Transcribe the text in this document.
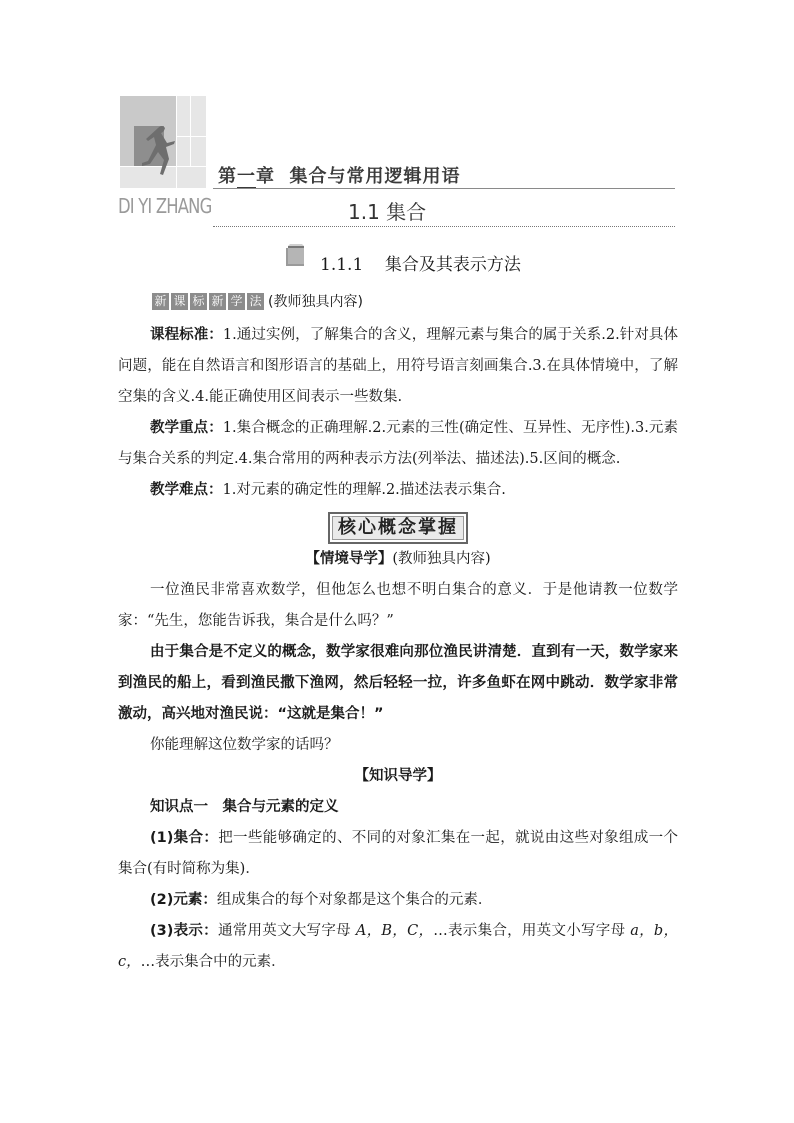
DI YI ZHANG
第一章 集合与常用逻辑用语
1.1 集合
1.1.1 集合及其表示方法
新 课 标 新 学 法 (教师独具内容)

课程标准：1.通过实例，了解集合的含义，理解元素与集合的属于关系.2.针对具体问题，能在自然语言和图形语言的基础上，用符号语言刻画集合.3.在具体情境中，了解空集的含义.4.能正确使用区间表示一些数集.

教学重点：1.集合概念的正确理解.2.元素的三性(确定性、互异性、无序性).3.元素与集合关系的判定.4.集合常用的两种表示方法(列举法、描述法).5.区间的概念.

教学难点：1.对元素的确定性的理解.2.描述法表示集合.

核心概念掌握

【情境导学】(教师独具内容)

一位渔民非常喜欢数学，但他怎么也想不明白集合的意义．于是他请教一位数学家：“先生，您能告诉我，集合是什么吗？”

由于集合是不定义的概念，数学家很难向那位渔民讲清楚．直到有一天，数学家来到渔民的船上，看到渔民撒下渔网，然后轻轻一拉，许多鱼虾在网中跳动．数学家非常激动，高兴地对渔民说：“这就是集合！”

你能理解这位数学家的话吗？

【知识导学】

知识点一　集合与元素的定义

(1)集合：把一些能够确定的、不同的对象汇集在一起，就说由这些对象组成一个集合(有时简称为集)．

(2)元素：组成集合的每个对象都是这个集合的元素．

(3)表示：通常用英文大写字母 A，B，C，…表示集合，用英文小写字母 a，b，c，…表示集合中的元素．
